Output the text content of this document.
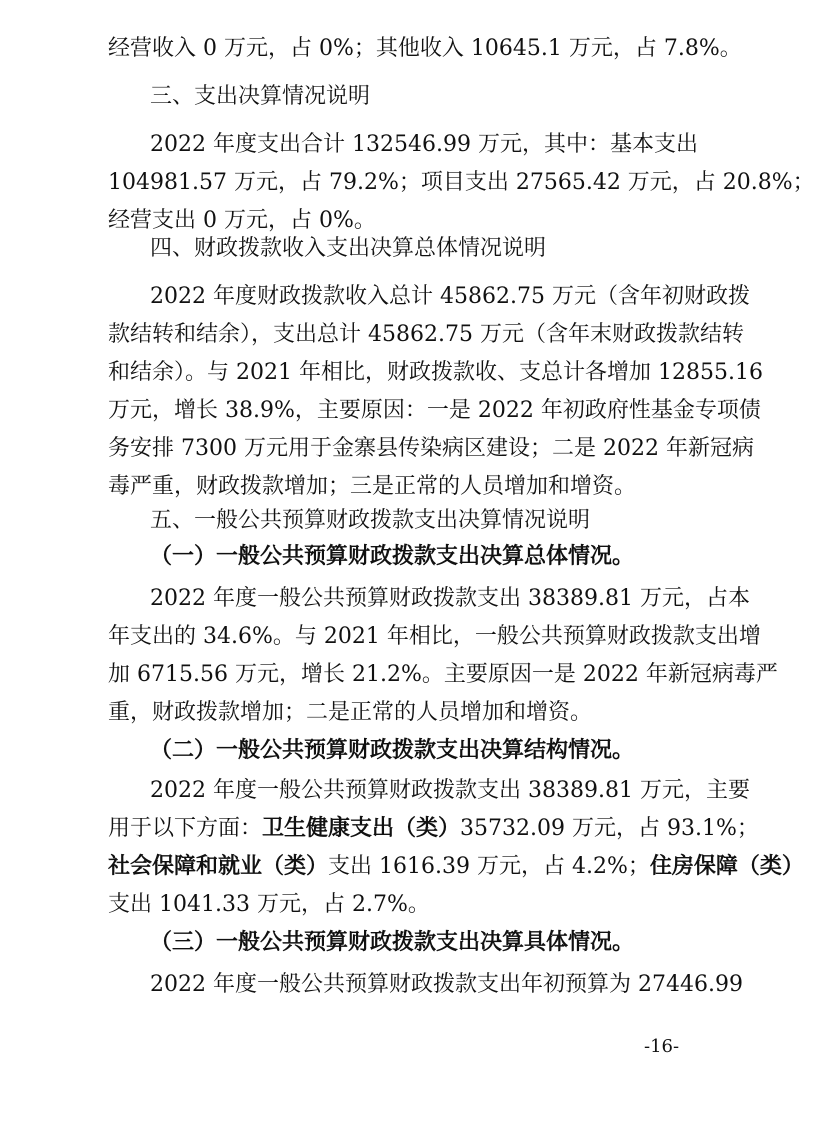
经营收入 0 万元，占 0%；其他收入 10645.1 万元，占 7.8%。
三、支出决算情况说明
2022 年度支出合计 132546.99 万元，其中：基本支出
104981.57 万元，占 79.2%；项目支出 27565.42 万元，占 20.8%；
经营支出 0 万元，占 0%。
四、财政拨款收入支出决算总体情况说明
2022 年度财政拨款收入总计 45862.75 万元（含年初财政拨
款结转和结余），支出总计 45862.75 万元（含年末财政拨款结转
和结余）。与 2021 年相比，财政拨款收、支总计各增加 12855.16
万元，增长 38.9%，主要原因：一是 2022 年初政府性基金专项债
务安排 7300 万元用于金寨县传染病区建设；二是 2022 年新冠病
毒严重，财政拨款增加；三是正常的人员增加和增资。
五、一般公共预算财政拨款支出决算情况说明
（一）一般公共预算财政拨款支出决算总体情况。
2022 年度一般公共预算财政拨款支出 38389.81 万元，占本
年支出的 34.6%。与 2021 年相比，一般公共预算财政拨款支出增
加 6715.56 万元，增长 21.2%。主要原因一是 2022 年新冠病毒严
重，财政拨款增加；二是正常的人员增加和增资。
（二）一般公共预算财政拨款支出决算结构情况。
2022 年度一般公共预算财政拨款支出 38389.81 万元，主要
用于以下方面：卫生健康支出（类）35732.09 万元，占 93.1%；
社会保障和就业（类）支出 1616.39 万元，占 4.2%；住房保障（类）
支出 1041.33 万元，占 2.7%。
（三）一般公共预算财政拨款支出决算具体情况。
2022 年度一般公共预算财政拨款支出年初预算为 27446.99
-16-
